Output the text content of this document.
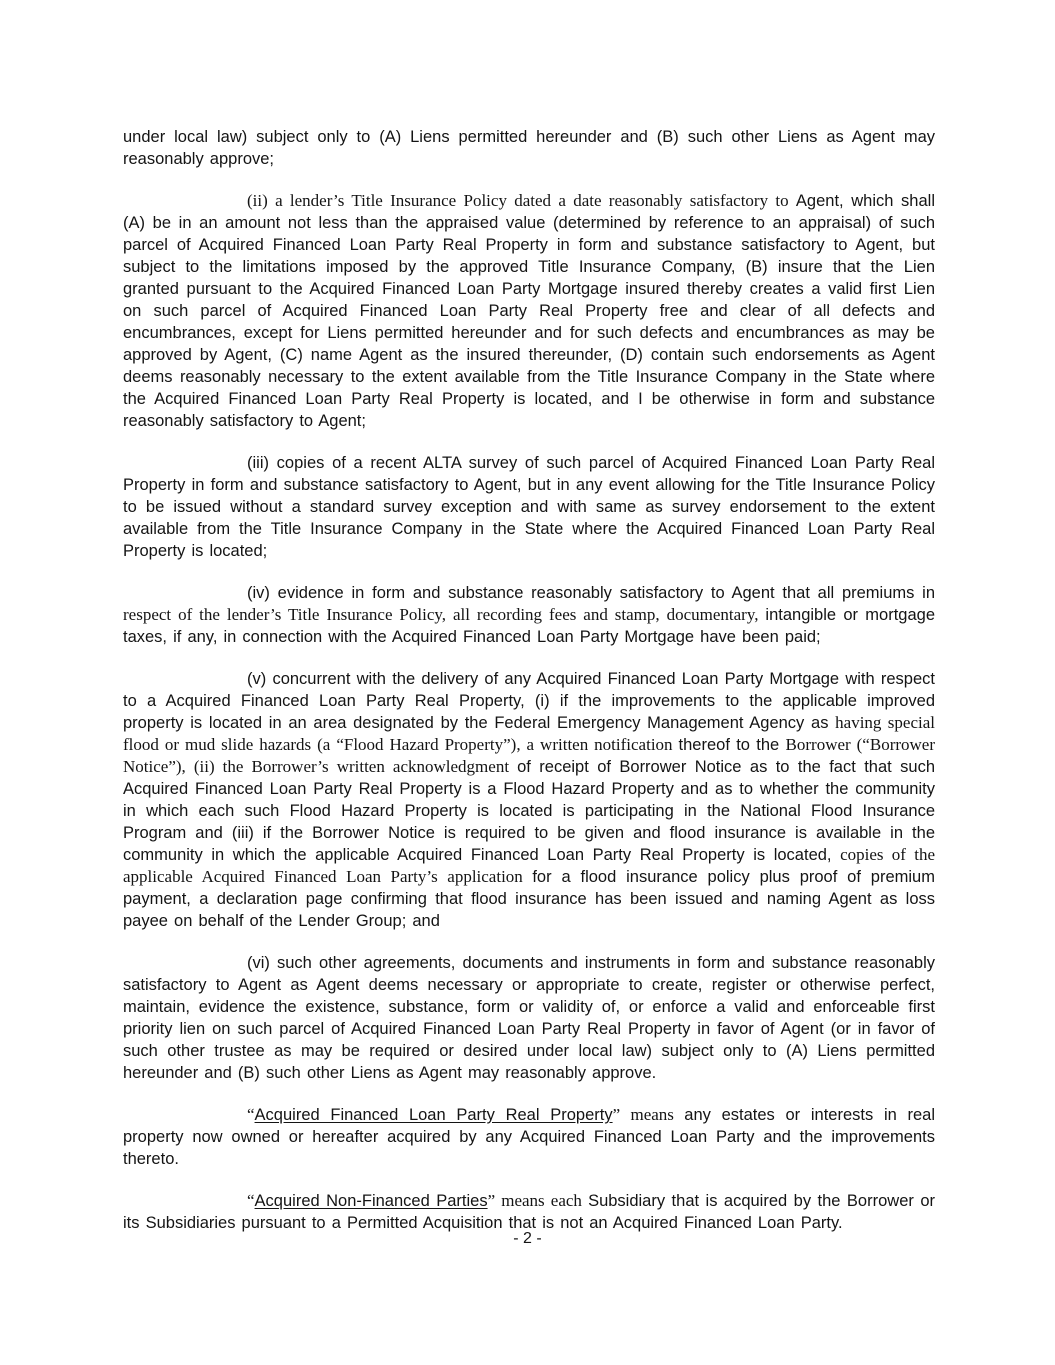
under local law) subject only to (A) Liens permitted hereunder and (B) such other Liens as Agent may reasonably approve;

(ii) a lender’s Title Insurance Policy dated a date reasonably satisfactory to Agent, which shall (A) be in an amount not less than the appraised value (determined by reference to an appraisal) of such parcel of Acquired Financed Loan Party Real Property in form and substance satisfactory to Agent, but subject to the limitations imposed by the approved Title Insurance Company, (B) insure that the Lien granted pursuant to the Acquired Financed Loan Party Mortgage insured thereby creates a valid first Lien on such parcel of Acquired Financed Loan Party Real Property free and clear of all defects and encumbrances, except for Liens permitted hereunder and for such defects and encumbrances as may be approved by Agent, (C) name Agent as the insured thereunder, (D) contain such endorsements as Agent deems reasonably necessary to the extent available from the Title Insurance Company in the State where the Acquired Financed Loan Party Real Property is located, and I be otherwise in form and substance reasonably satisfactory to Agent;

(iii) copies of a recent ALTA survey of such parcel of Acquired Financed Loan Party Real Property in form and substance satisfactory to Agent, but in any event allowing for the Title Insurance Policy to be issued without a standard survey exception and with same as survey endorsement to the extent available from the Title Insurance Company in the State where the Acquired Financed Loan Party Real Property is located;

(iv) evidence in form and substance reasonably satisfactory to Agent that all premiums in respect of the lender’s Title Insurance Policy, all recording fees and stamp, documentary, intangible or mortgage taxes, if any, in connection with the Acquired Financed Loan Party Mortgage have been paid;

(v) concurrent with the delivery of any Acquired Financed Loan Party Mortgage with respect to a Acquired Financed Loan Party Real Property, (i) if the improvements to the applicable improved property is located in an area designated by the Federal Emergency Management Agency as having special flood or mud slide hazards (a “Flood Hazard Property”), a written notification thereof to the Borrower (“Borrower Notice”), (ii) the Borrower’s written acknowledgment of receipt of Borrower Notice as to the fact that such Acquired Financed Loan Party Real Property is a Flood Hazard Property and as to whether the community in which each such Flood Hazard Property is located is participating in the National Flood Insurance Program and (iii) if the Borrower Notice is required to be given and flood insurance is available in the community in which the applicable Acquired Financed Loan Party Real Property is located, copies of the applicable Acquired Financed Loan Party’s application for a flood insurance policy plus proof of premium payment, a declaration page confirming that flood insurance has been issued and naming Agent as loss payee on behalf of the Lender Group; and

(vi) such other agreements, documents and instruments in form and substance reasonably satisfactory to Agent as Agent deems necessary or appropriate to create, register or otherwise perfect, maintain, evidence the existence, substance, form or validity of, or enforce a valid and enforceable first priority lien on such parcel of Acquired Financed Loan Party Real Property in favor of Agent (or in favor of such other trustee as may be required or desired under local law) subject only to (A) Liens permitted hereunder and (B) such other Liens as Agent may reasonably approve.

“Acquired Financed Loan Party Real Property” means any estates or interests in real property now owned or hereafter acquired by any Acquired Financed Loan Party and the improvements thereto.

“Acquired Non-Financed Parties” means each Subsidiary that is acquired by the Borrower or its Subsidiaries pursuant to a Permitted Acquisition that is not an Acquired Financed Loan Party.

- 2 -
